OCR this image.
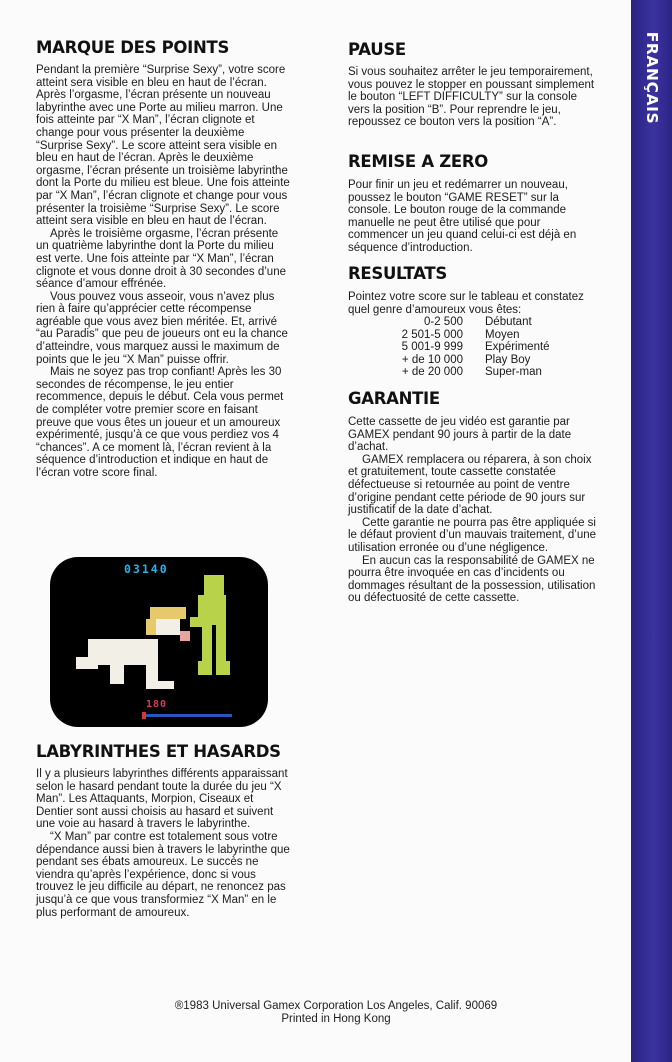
FRANÇAIS
MARQUE DES POINTS

Pendant la première “Surprise Sexy”, votre score atteint sera visible en bleu en haut de l’écran. Après l’orgasme, l’écran présente un nouveau labyrinthe avec une Porte au milieu marron. Une fois atteinte par “X Man”, l’écran clignote et change pour vous présenter la deuxième “Surprise Sexy”. Le score atteint sera visible en bleu en haut de l’écran. Après le deuxième orgasme, l’écran présente un troisième labyrinthe dont la Porte du milieu est bleue. Une fois atteinte par “X Man”, l’écran clignote et change pour vous présenter la troisième “Surprise Sexy”. Le score atteint sera visible en bleu en haut de l’écran.

Après le troisième orgasme, l’écran présente un quatrième labyrinthe dont la Porte du milieu est verte. Une fois atteinte par “X Man”, l’écran clignote et vous donne droit à 30 secondes d’une séance d’amour effrénée.

Vous pouvez vous asseoir, vous n’avez plus rien à faire qu’apprécier cette récompense agréable que vous avez bien méritée. Et, arrivé “au Paradis” que peu de joueurs ont eu la chance d’atteindre, vous marquez aussi le maximum de points que le jeu “X Man” puisse offrir.

Mais ne soyez pas trop confiant! Après les 30 secondes de récompense, le jeu entier recommence, depuis le début. Cela vous permet de compléter votre premier score en faisant preuve que vous êtes un joueur et un amoureux expérimenté, jusqu’à ce que vous perdiez vos 4 “chances”. A ce moment là, l’écran revient à la séquence d’introduction et indique en haut de l’écran votre score final.

03140
180
LABYRINTHES ET HASARDS

Il y a plusieurs labyrinthes différents apparaissant selon le hasard pendant toute la durée du jeu “X Man”. Les Attaquants, Morpion, Ciseaux et Dentier sont aussi choisis au hasard et suivent une voie au hasard à travers le labyrinthe.

“X Man” par contre est totalement sous votre dépendance aussi bien à travers le labyrinthe que pendant ses ébats amoureux. Le succès ne viendra qu’après l’expérience, donc si vous trouvez le jeu difficile au départ, ne renoncez pas jusqu’à ce que vous transformiez “X Man” en le plus performant de amoureux.

PAUSE

Si vous souhaitez arrêter le jeu temporairement, vous pouvez le stopper en poussant simplement le bouton “LEFT DIFFICULTY” sur la console vers la position “B”. Pour reprendre le jeu, repoussez ce bouton vers la position “A”.

REMISE A ZERO

Pour finir un jeu et redémarrer un nouveau, poussez le bouton “GAME RESET” sur la console. Le bouton rouge de la commande manuelle ne peut être utilisé que pour commencer un jeu quand celui-ci est déjà en séquence d’introduction.

RESULTATS

Pointez votre score sur le tableau et constatez quel genre d’amoureux vous êtes:

0-2 500	Débutant
2 501-5 000	Moyen
5 001-9 999	Expérimenté
+ de 10 000	Play Boy
+ de 20 000	Super-man
GARANTIE

Cette cassette de jeu vidéo est garantie par GAMEX pendant 90 jours à partir de la date d’achat.

GAMEX remplacera ou réparera, à son choix et gratuitement, toute cassette constatée défectueuse si retournée au point de ventre d’origine pendant cette période de 90 jours sur justificatif de la date d’achat.

Cette garantie ne pourra pas être appliquée si le défaut provient d’un mauvais traitement, d’une utilisation erronée ou d’une négligence.

En aucun cas la responsabilité de GAMEX ne pourra être invoquée en cas d’incidents ou dommages résultant de la possession, utilisation ou défectuosité de cette cassette.

®1983 Universal Gamex Corporation Los Angeles, Calif. 90069
Printed in Hong Kong
